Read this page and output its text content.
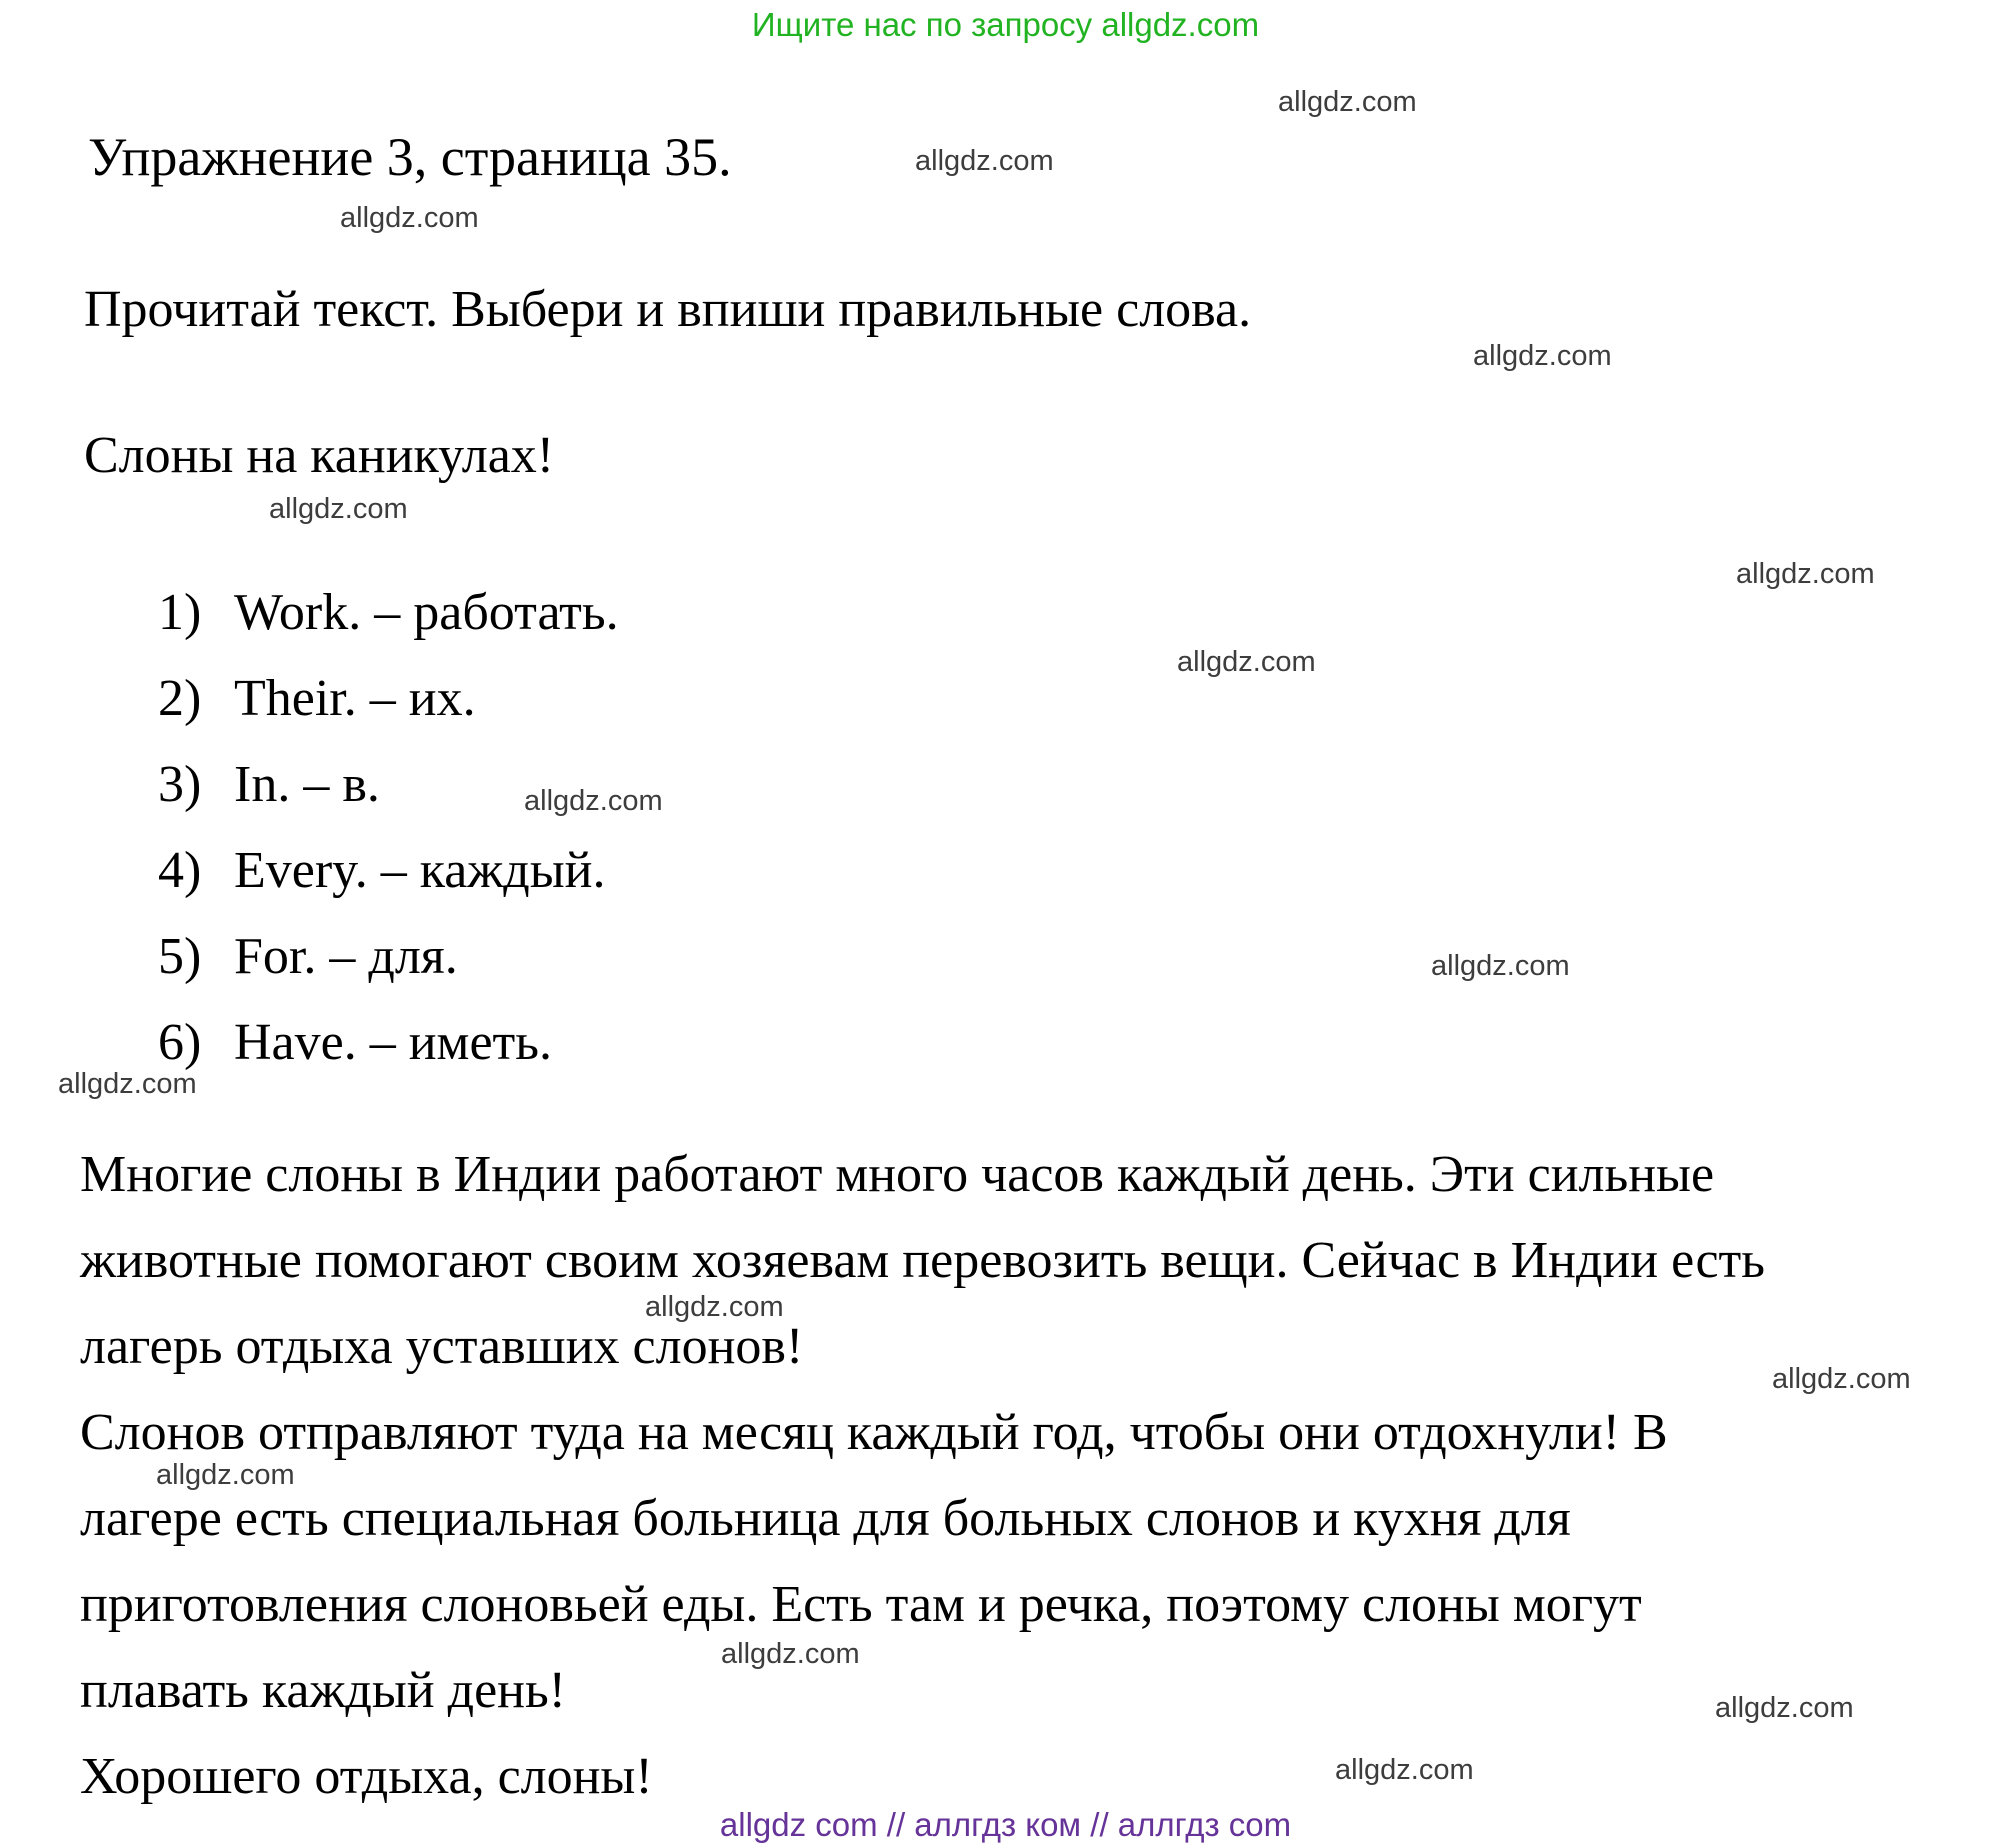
Ищите нас по запросу allgdz.com
Упражнение 3, страница 35.
Прочитай текст. Выбери и впиши правильные слова.
Слоны на каникулах!
1) Work. – работать.
2) Their. – их.
3) In. – в.
4) Every. – каждый.
5) For. – для.
6) Have. – иметь.
Многие слоны в Индии работают много часов каждый день. Эти сильные
животные помогают своим хозяевам перевозить вещи. Сейчас в Индии есть
лагерь отдыха уставших слонов!
Слонов отправляют туда на месяц каждый год, чтобы они отдохнули! В
лагере есть специальная больница для больных слонов и кухня для
приготовления слоновьей еды. Есть там и речка, поэтому слоны могут
плавать каждый день!
Хорошего отдыха, слоны!
allgdz.com
allgdz.com
allgdz.com
allgdz.com
allgdz.com
allgdz.com
allgdz.com
allgdz.com
allgdz.com
allgdz.com
allgdz.com
allgdz.com
allgdz.com
allgdz.com
allgdz.com
allgdz.com
allgdz com // аллгдз ком // аллгдз com
